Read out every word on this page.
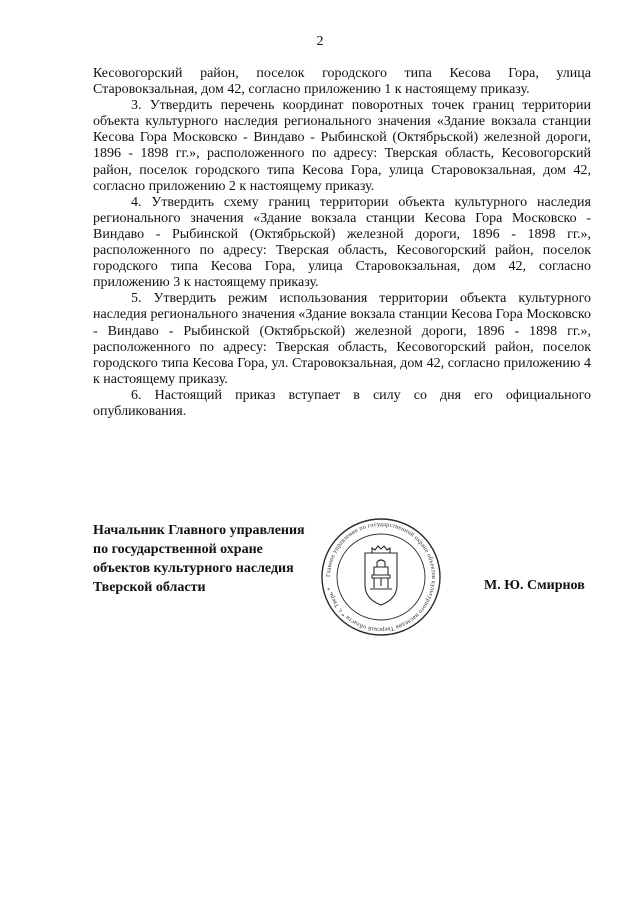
2

Кесовогорский район, поселок городского типа Кесова Гора, улица Старовокзальная, дом 42, согласно приложению 1 к настоящему приказу.

3. Утвердить перечень координат поворотных точек границ территории объекта культурного наследия регионального значения «Здание вокзала станции Кесова Гора Московско - Виндаво - Рыбинской (Октябрьской) железной дороги, 1896 - 1898 гг.», расположенного по адресу: Тверская область, Кесовогорский район, поселок городского типа Кесова Гора, улица Старовокзальная, дом 42, согласно приложению 2 к настоящему приказу.

4. Утвердить схему границ территории объекта культурного наследия регионального значения «Здание вокзала станции Кесова Гора Московско - Виндаво - Рыбинской (Октябрьской) железной дороги, 1896 - 1898 гг.», расположенного по адресу: Тверская область, Кесовогорский район, поселок городского типа Кесова Гора, улица Старовокзальная, дом 42, согласно приложению 3 к настоящему приказу.

5. Утвердить режим использования территории объекта культурного наследия регионального значения «Здание вокзала станции Кесова Гора Московско - Виндаво - Рыбинской (Октябрьской) железной дороги, 1896 - 1898 гг.», расположенного по адресу: Тверская область, Кесовогорский район, поселок городского типа Кесова Гора, ул. Старовокзальная, дом 42, согласно приложению 4 к настоящему приказу.

6. Настоящий приказ вступает в силу со дня его официального опубликования.

Начальник Главного управления
по государственной охране
объектов культурного наследия
Тверской области
Главное управление по государственной охране объектов культурного наследия Тверской области * г. Тверь *	М. Ю. Смирнов
